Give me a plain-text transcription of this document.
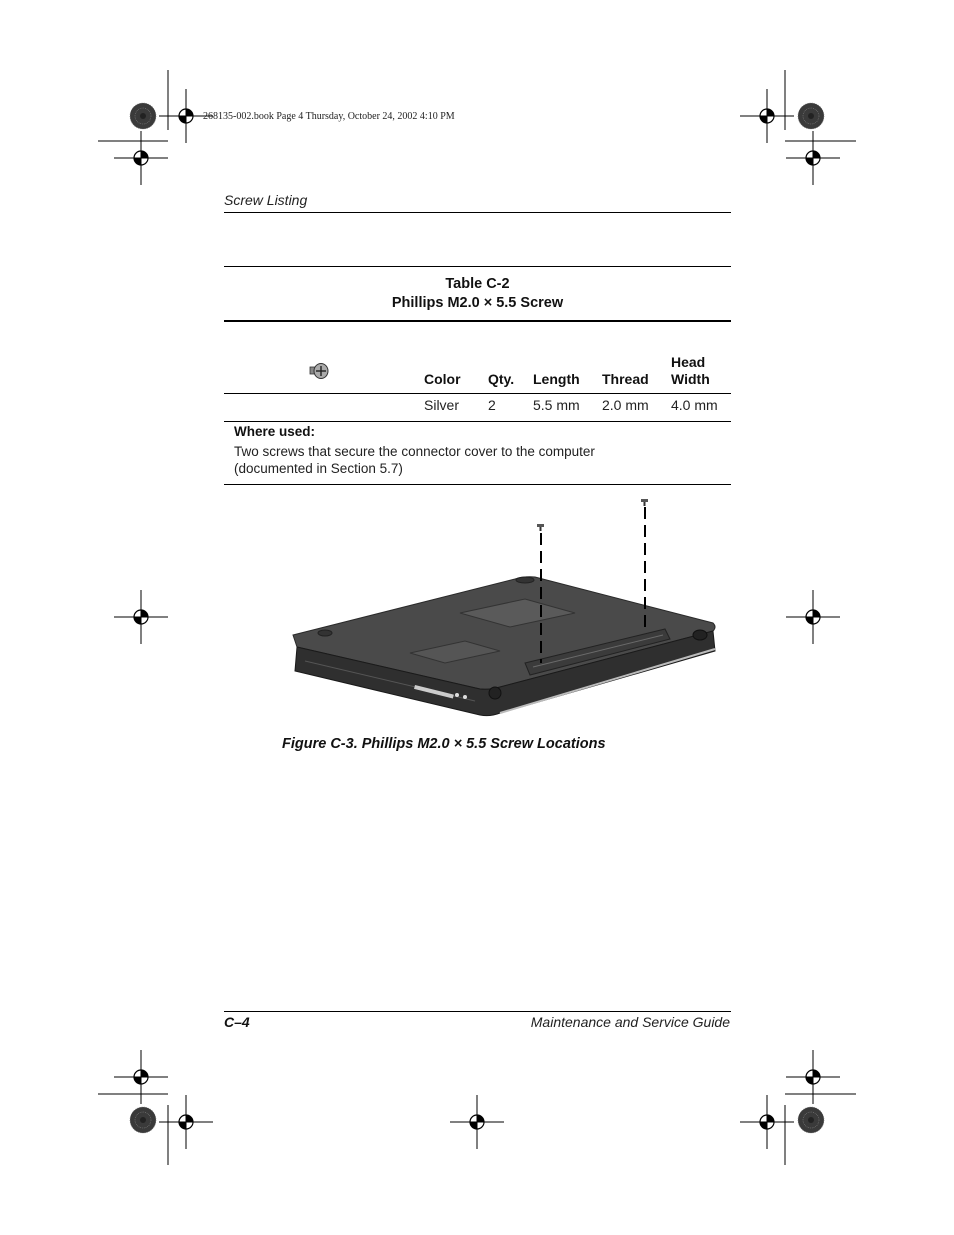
268135-002.book Page 4 Thursday, October 24, 2002 4:10 PM
Screw Listing
Table C-2
Phillips M2.0 × 5.5 Screw
Color Qty. Length Thread
Head
Width
Silver 2	5.5 mm 2.0 mm 4.0 mm
Where used:
Two screws that secure the connector cover to the computer
(documented in Section 5.7)
Figure C-3. Phillips M2.0 × 5.5 Screw Locations
C–4	Maintenance and Service Guide
